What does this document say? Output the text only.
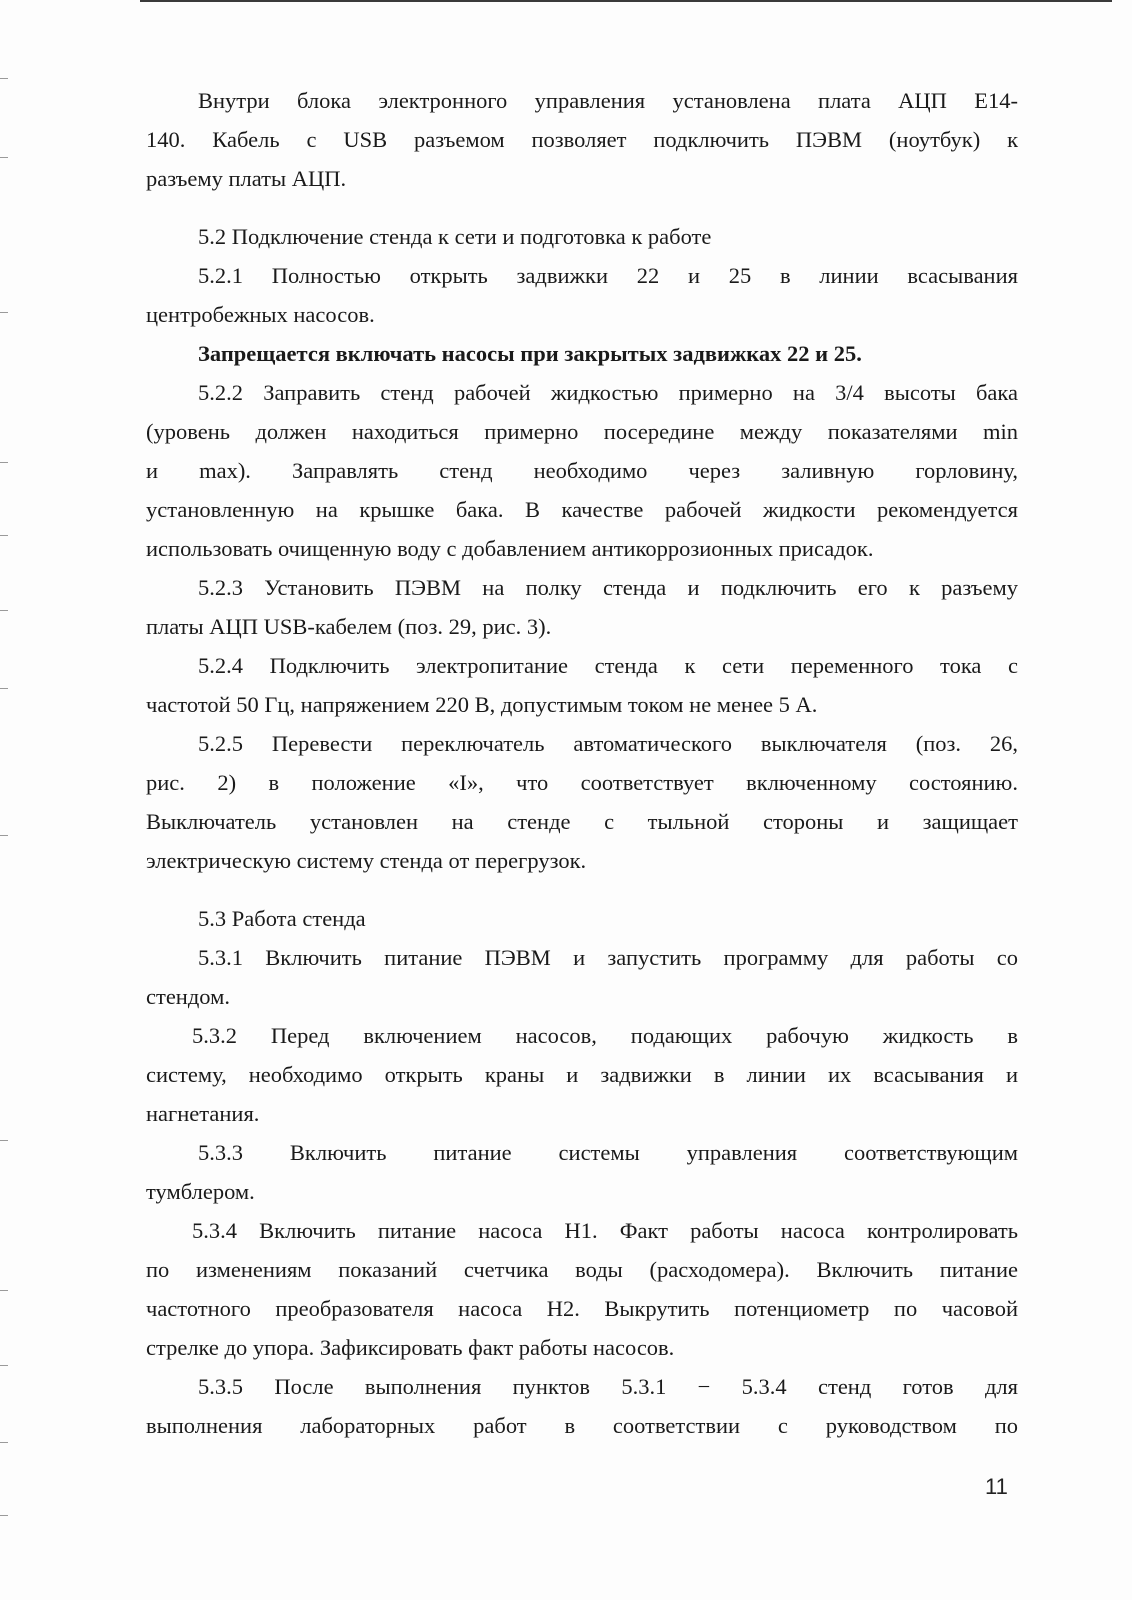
Внутри блока электронного управления установлена плата АЦП Е14-
140. Кабель с USB разъемом позволяет подключить ПЭВМ (ноутбук) к
разъему платы АЦП.

5.2 Подключение стенда к сети и подготовка к работе

5.2.1 Полностью открыть задвижки 22 и 25 в линии всасывания
центробежных насосов.

Запрещается включать насосы при закрытых задвижках 22 и 25.

5.2.2 Заправить стенд рабочей жидкостью примерно на 3/4 высоты бака
(уровень должен находиться примерно посередине между показателями min
и max). Заправлять стенд необходимо через заливную горловину,
установленную на крышке бака. В качестве рабочей жидкости рекомендуется
использовать очищенную воду с добавлением антикоррозионных присадок.

5.2.3 Установить ПЭВМ на полку стенда и подключить его к разъему
платы АЦП USB-кабелем (поз. 29, рис. 3).

5.2.4 Подключить электропитание стенда к сети переменного тока с
частотой 50 Гц, напряжением 220 В, допустимым током не менее 5 А.

5.2.5 Перевести переключатель автоматического выключателя (поз. 26,
рис. 2) в положение «I», что соответствует включенному состоянию.
Выключатель установлен на стенде с тыльной стороны и защищает
электрическую систему стенда от перегрузок.

5.3 Работа стенда

5.3.1 Включить питание ПЭВМ и запустить программу для работы со
стендом.

5.3.2 Перед включением насосов, подающих рабочую жидкость в
систему, необходимо открыть краны и задвижки в линии их всасывания и
нагнетания.

5.3.3 Включить питание системы управления соответствующим
тумблером.

5.3.4 Включить питание насоса Н1. Факт работы насоса контролировать
по изменениям показаний счетчика воды (расходомера). Включить питание
частотного преобразователя насоса Н2. Выкрутить потенциометр по часовой
стрелке до упора. Зафиксировать факт работы насосов.

5.3.5 После выполнения пунктов 5.3.1 − 5.3.4 стенд готов для
выполнения лабораторных работ в соответствии с руководством по

11
